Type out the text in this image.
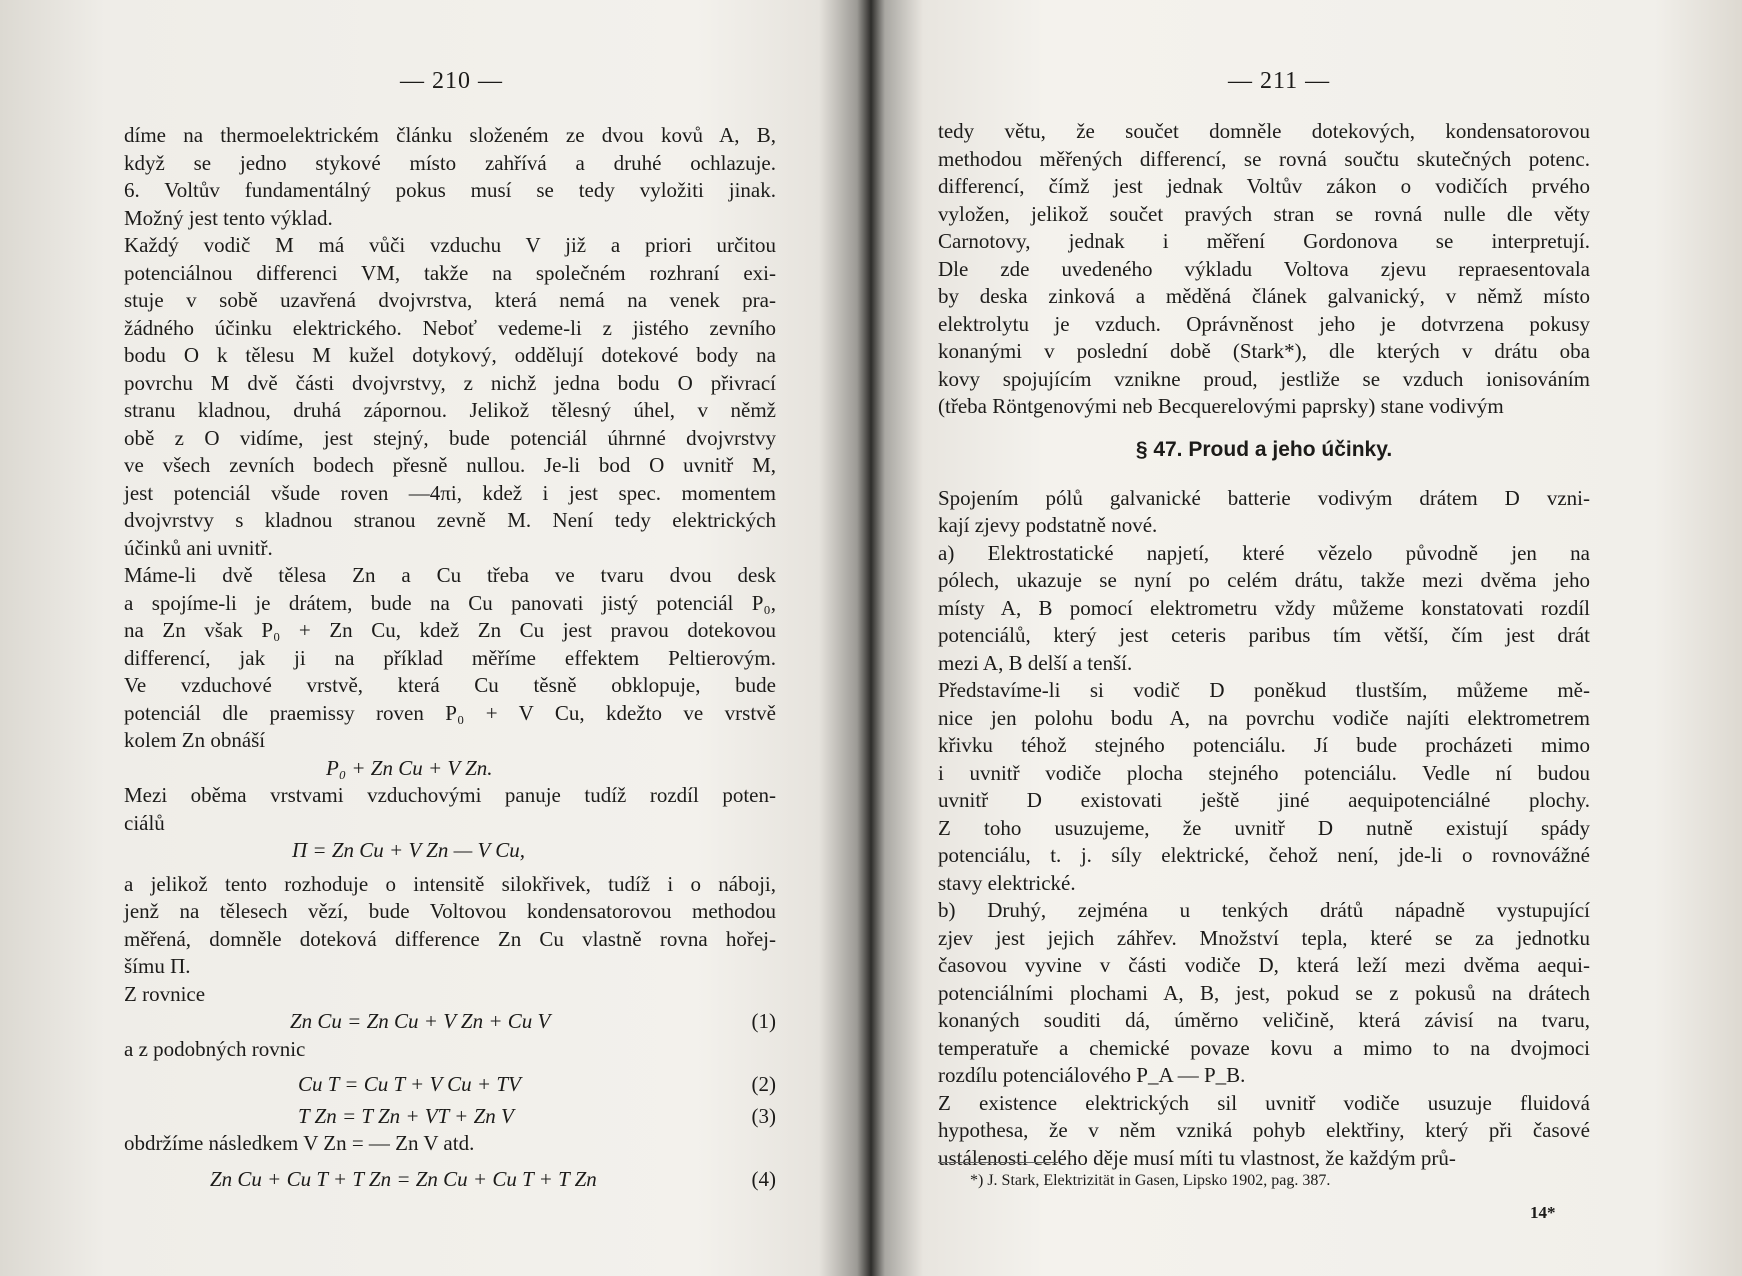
— 210 —
díme na thermoelektrickém článku složeném ze dvou kovů A, B,
když se jedno stykové místo zahřívá a druhé ochlazuje.
6. Voltův fundamentálný pokus musí se tedy vyložiti jinak.
Možný jest tento výklad.
Každý vodič M má vůči vzduchu V již a priori určitou
potenciálnou differenci VM, takže na společném rozhraní exi-
stuje v sobě uzavřená dvojvrstva, která nemá na venek pra-
žádného účinku elektrického. Neboť vedeme-li z jistého zevního
bodu O k tělesu M kužel dotykový, oddělují dotekové body na
povrchu M dvě části dvojvrstvy, z nichž jedna bodu O přivrací
stranu kladnou, druhá zápornou. Jelikož tělesný úhel, v němž
obě z O vidíme, jest stejný, bude potenciál úhrnné dvojvrstvy
ve všech zevních bodech přesně nullou. Je-li bod O uvnitř M,
jest potenciál všude roven —4πi, kdež i jest spec. momentem
dvojvrstvy s kladnou stranou zevně M. Není tedy elektrických
účinků ani uvnitř.
Máme-li dvě tělesa Zn a Cu třeba ve tvaru dvou desk
a spojíme-li je drátem, bude na Cu panovati jistý potenciál P₀,
na Zn však P₀ + Zn Cu, kdež Zn Cu jest pravou dotekovou
differencí, jak ji na příklad měříme effektem Peltierovým.
Ve vzduchové vrstvě, která Cu těsně obklopuje, bude
potenciál dle praemissy roven P₀ + V Cu, kdežto ve vrstvě
kolem Zn obnáší
P₀ + Zn Cu + V Zn.
Mezi oběma vrstvami vzduchovými panuje tudíž rozdíl poten-
ciálů
Π = Zn Cu + V Zn — V Cu,
a jelikož tento rozhoduje o intensitě silokřivek, tudíž i o náboji,
jenž na tělesech vězí, bude Voltovou kondensatorovou methodou
měřená, domněle doteková difference Zn Cu vlastně rovna hořej-
šímu Π.
Z rovnice
Zn Cu = Zn Cu + V Zn + Cu V	(1)
a z podobných rovnic
Cu T = Cu T + V Cu + TV	(2)
T Zn = T Zn + VT + Zn V	(3)
obdržíme následkem V Zn = — Zn V atd.
Zn Cu + Cu T + T Zn = Zn Cu + Cu T + T Zn	(4)
— 211 —
tedy větu, že součet domněle dotekových, kondensatorovou
methodou měřených differencí, se rovná součtu skutečných potenc.
differencí, čímž jest jednak Voltův zákon o vodičích prvého
vyložen, jelikož součet pravých stran se rovná nulle dle věty
Carnotovy, jednak i měření Gordonova se interpretují.
Dle zde uvedeného výkladu Voltova zjevu repraesentovala
by deska zinková a měděná článek galvanický, v němž místo
elektrolytu je vzduch. Oprávněnost jeho je dotvrzena pokusy
konanými v poslední době (Stark*), dle kterých v drátu oba
kovy spojujícím vznikne proud, jestliže se vzduch ionisováním
(třeba Röntgenovými neb Becquerelovými paprsky) stane vodivým
§ 47. Proud a jeho účinky.
Spojením pólů galvanické batterie vodivým drátem D vzni-
kají zjevy podstatně nové.
a) Elektrostatické napjetí, které vězelo původně jen na
pólech, ukazuje se nyní po celém drátu, takže mezi dvěma jeho
místy A, B pomocí elektrometru vždy můžeme konstatovati rozdíl
potenciálů, který jest ceteris paribus tím větší, čím jest drát
mezi A, B delší a tenší.
Představíme-li si vodič D poněkud tlustším, můžeme mě-
nice jen polohu bodu A, na povrchu vodiče najíti elektrometrem
křivku téhož stejného potenciálu. Jí bude procházeti mimo
i uvnitř vodiče plocha stejného potenciálu. Vedle ní budou
uvnitř D existovati ještě jiné aequipotenciálné plochy.
Z toho usuzujeme, že uvnitř D nutně existují spády
potenciálu, t. j. síly elektrické, čehož není, jde-li o rovnovážné
stavy elektrické.
b) Druhý, zejména u tenkých drátů nápadně vystupující
zjev jest jejich záhřev. Množství tepla, které se za jednotku
časovou vyvine v části vodiče D, která leží mezi dvěma aequi-
potenciálními plochami A, B, jest, pokud se z pokusů na drátech
konaných souditi dá, úměrno veličině, která závisí na tvaru,
temperatuře a chemické povaze kovu a mimo to na dvojmoci
rozdílu potenciálového P_A — P_B.
Z existence elektrických sil uvnitř vodiče usuzuje fluidová
hypothesa, že v něm vzniká pohyb elektřiny, který při časové
ustálenosti celého děje musí míti tu vlastnost, že každým prů-
*) J. Stark, Elektrizität in Gasen, Lipsko 1902, pag. 387.
14*
